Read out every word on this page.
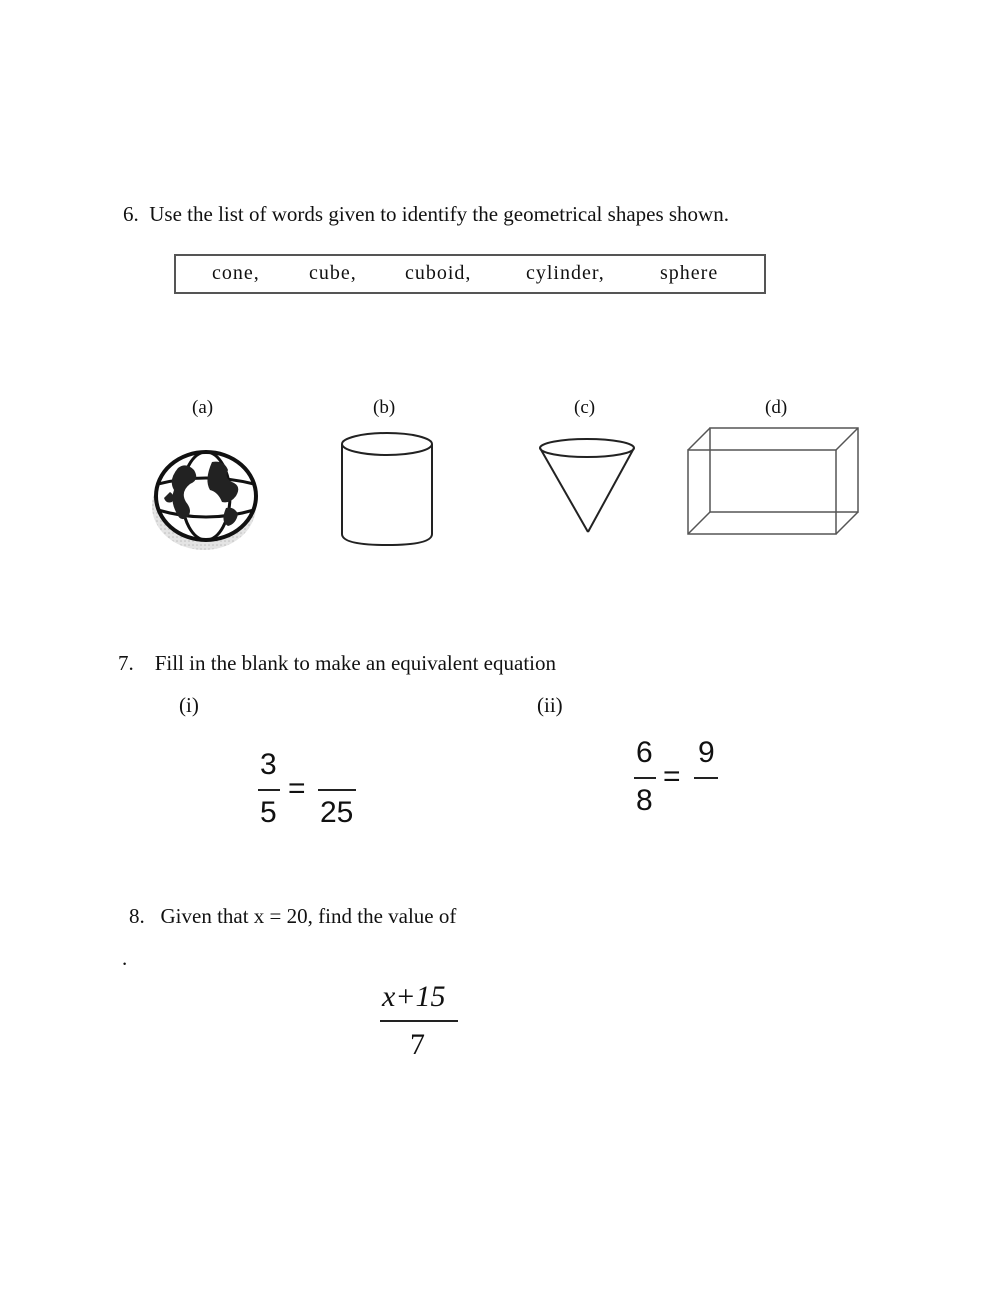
6. Use the list of words given to identify the geometrical shapes shown.
cone, cube, cuboid,	cylinder,	sphere
(a)	(b)	(c)	(d)
7. Fill in the blank to make an equivalent equation
(i)	(ii)
3
5
=
25
6
8
=
9
8. Given that x = 20, find the value of
.
x+15
7
